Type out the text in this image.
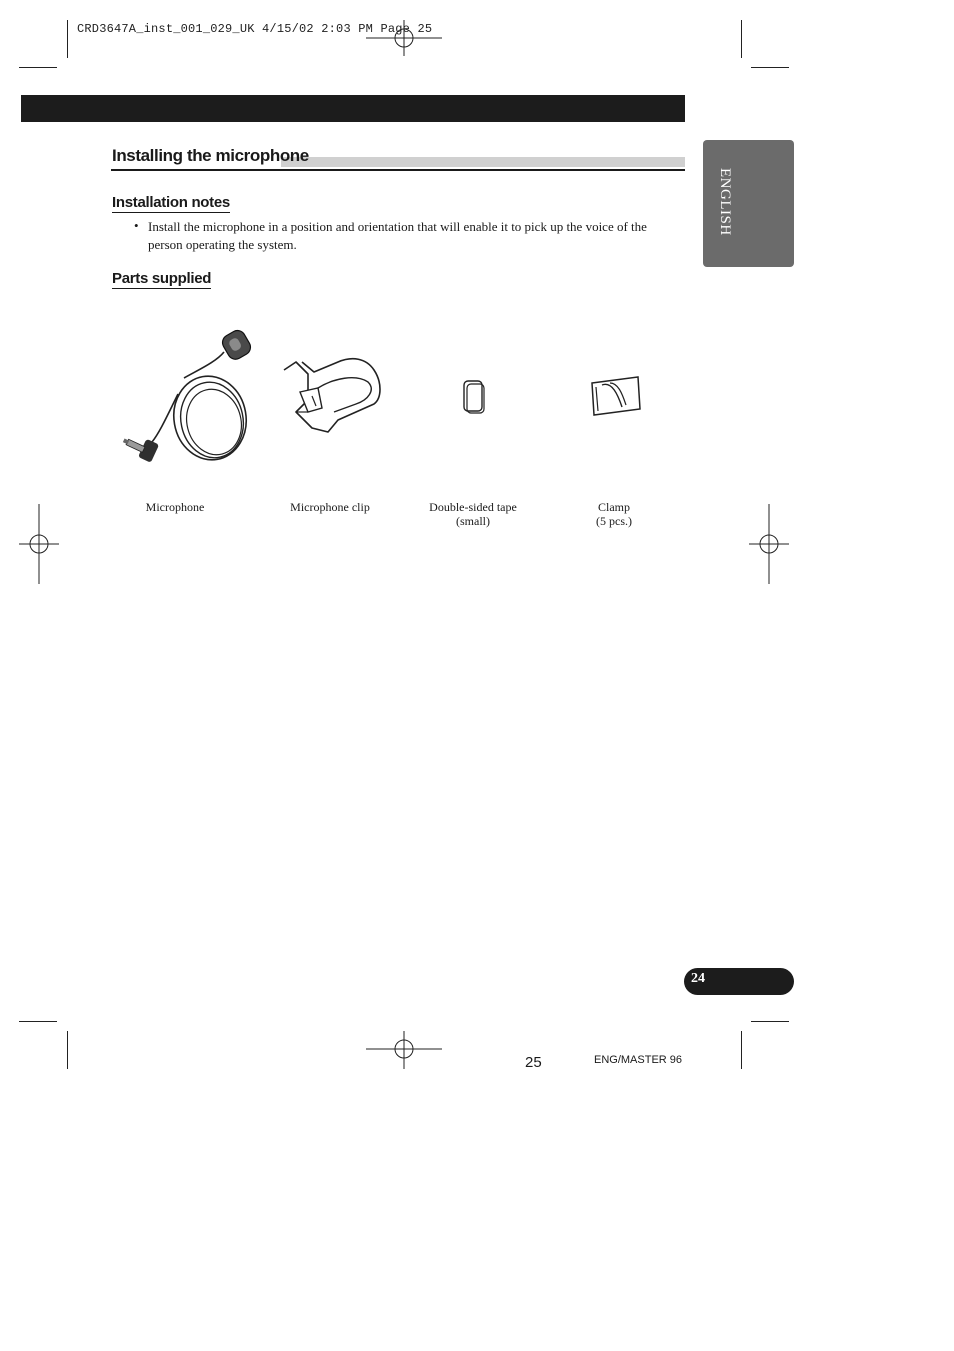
CRD3647A_inst_001_029_UK 4/15/02 2:03 PM Page 25
Installing the microphone
Installation notes
• Install the microphone in a position and orientation that will enable it to pick up the voice of the person operating the system.
Parts supplied
Microphone	Microphone clip	Double-sided tape
(small)
Clamp
(5 pcs.)
ENGLISH
24
25	ENG/MASTER 96
